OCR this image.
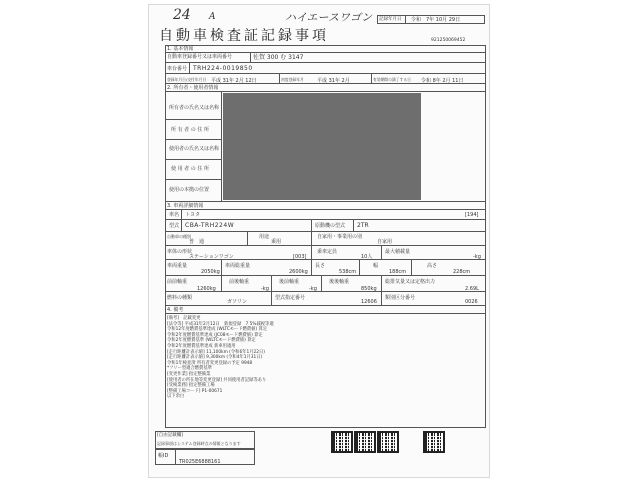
24 A	ハイエースワゴン 記録年月日 令和　7年 10月 29日
自動車検査証記録事項	921250069452
1. 基本情報
自動車登録番号又は車両番号	佐賀 300 む 3147
車台番号 TRH224-0019850
登録年月日/交付年月日 平成 31年 2月 12日	初度登録年月	平成 31年 2月	有効期間の満了する日 令和 8年 2月 11日
2. 所有者・使用者情報
所有者の氏名又は名称
所 有 者 の 住 所
使用者の氏名又は名称
使 用 者 の 住 所
使用の本拠の位置
3. 車両詳細情報
車名 トヨタ	[194]
型式 CBA-TRH224W	原動機の型式 2TR
自動車の種別
普　通
用途
乗用
自家用・事業用の別
自家用
車体の形状
ステーションワゴン	[003]
乗車定員
10人
最大積載量
-kg
車両重量
2050kg
車両総重量
2600kg
長さ
538cm
幅
188cm
高さ
228cm
前前軸重
1260kg
前後軸重
-kg
後前軸重
-kg
後後軸重
850kg
総排気量又は定格出力
2.69L
燃料の種類
ガソリン
型式指定番号
12606
類別区分番号
0026
4. 備考
[備考]　記載変更
[法令等] 平成31年2月12日　新規登録　7 5%減税等適
令和12年度燃費基準達成 (WLTCモード燃費値) 算定
令和2年度燃費基準達成 (JC08モード燃費値) 算定
令和2年度燃費基準 (WLTCモード燃費値) 算定
令和2年度燃費基準達成 新車用適用
[走行距離計表示値] 11,100km (令和6年1月22日)
[走行距離計表示値] 9,300km (令和4年1月31日)
令和1年検査済 所有者変更登録の予定 9948
*フリー型適合燃費基準
[変更作業] 指定整備業
[使用者の所在地等変更登録] 共同使用者記録等あり
[受検業務] 指定整備工場
[整備工場コード] P1-00671
以下余白
[自由記載欄]
記録事項はシステム登録時点の情報となります
帳ID
TR025E6888161
